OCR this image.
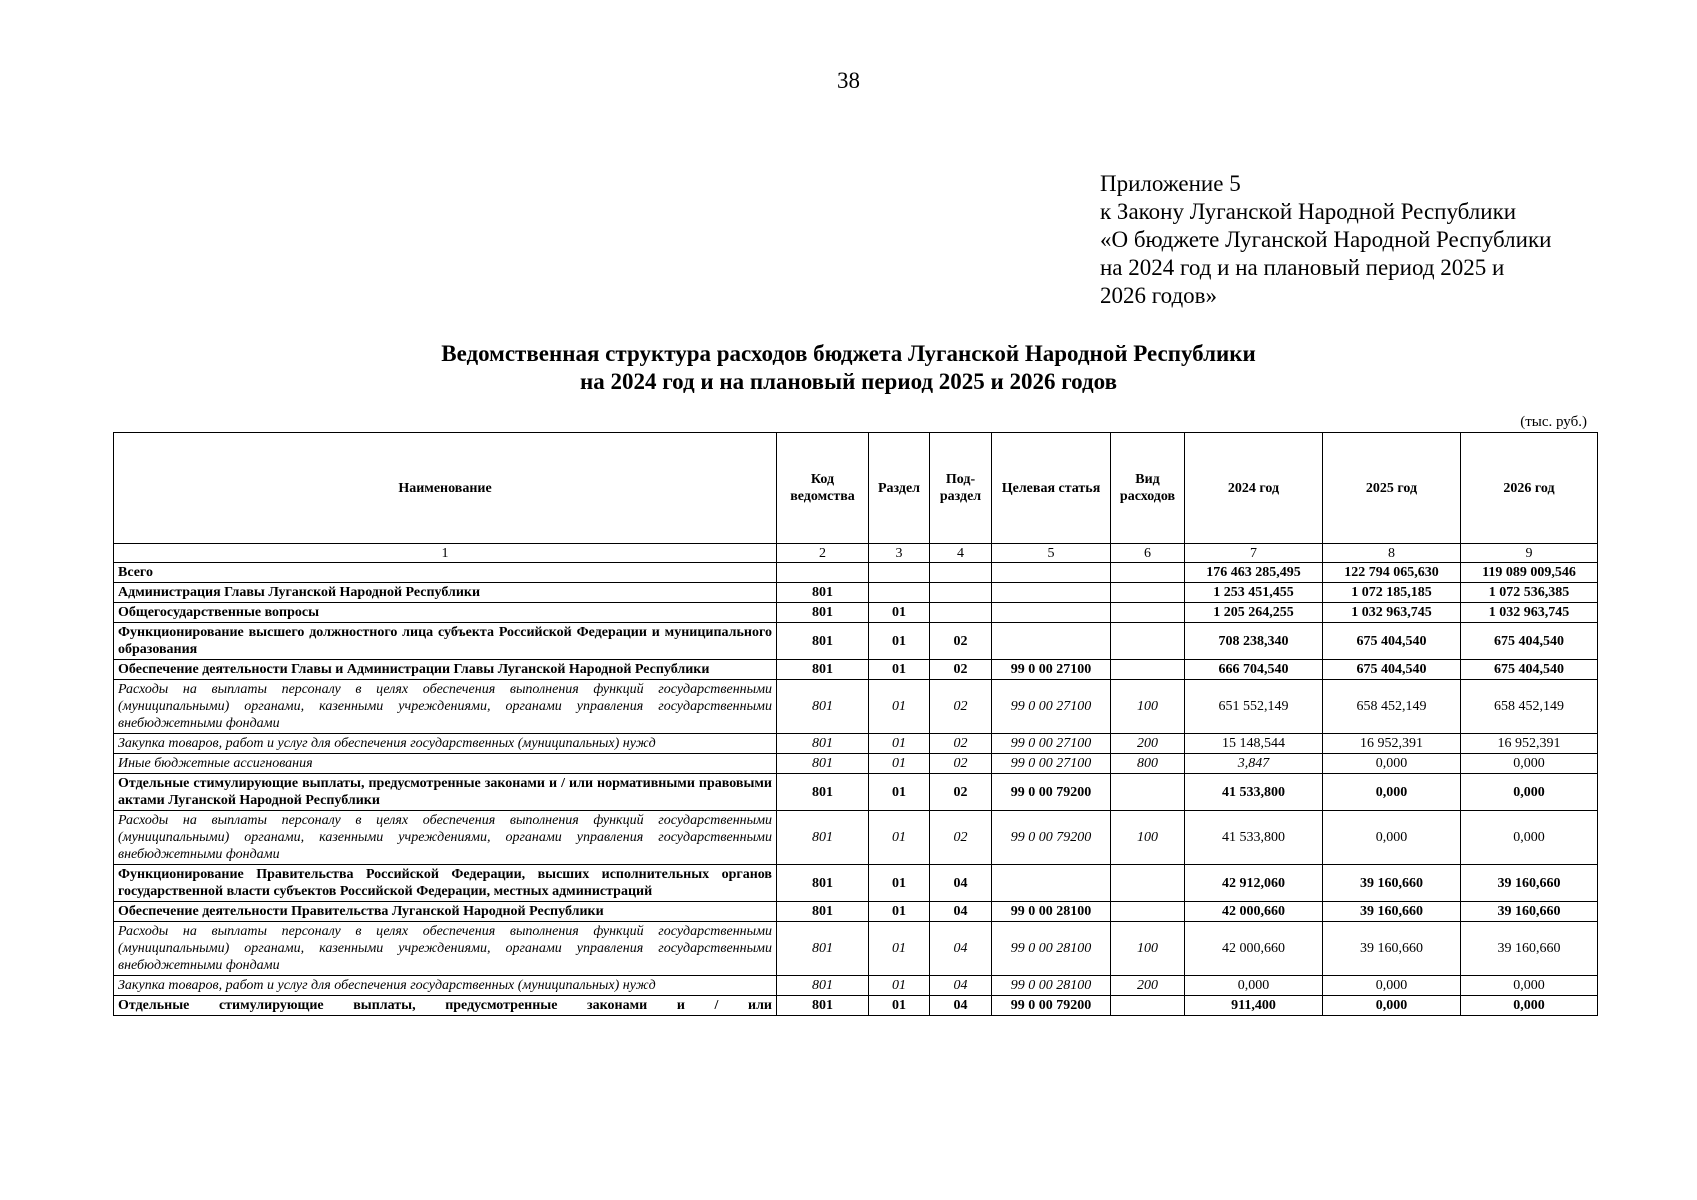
38
Приложение 5
к Закону Луганской Народной Республики
«О бюджете Луганской Народной Республики
на 2024 год и на плановый период 2025 и
2026 годов»
Ведомственная структура расходов бюджета Луганской Народной Республики
на 2024 год и на плановый период 2025 и 2026 годов
(тыс. руб.)
Наименование	Код ведомства	Раздел	Под-раздел	Целевая статья	Вид расходов	2024 год	2025 год	2026 год
1	2	3	4	5	6	7	8	9
Всего						176 463 285,495	122 794 065,630	119 089 009,546
Администрация Главы Луганской Народной Республики	801					1 253 451,455	1 072 185,185	1 072 536,385
Общегосударственные вопросы	801	01				1 205 264,255	1 032 963,745	1 032 963,745
Функционирование высшего должностного лица субъекта Российской Федерации и муниципального образования	801	01	02			708 238,340	675 404,540	675 404,540
Обеспечение деятельности Главы и Администрации Главы Луганской Народной Республики	801	01	02	99 0 00 27100		666 704,540	675 404,540	675 404,540
Расходы на выплаты персоналу в целях обеспечения выполнения функций государственными (муниципальными) органами, казенными учреждениями, органами управления государственными внебюджетными фондами	801	01	02	99 0 00 27100	100	651 552,149	658 452,149	658 452,149
Закупка товаров, работ и услуг для обеспечения государственных (муниципальных) нужд	801	01	02	99 0 00 27100	200	15 148,544	16 952,391	16 952,391
Иные бюджетные ассигнования	801	01	02	99 0 00 27100	800	3,847	0,000	0,000
Отдельные стимулирующие выплаты, предусмотренные законами и / или нормативными правовыми актами Луганской Народной Республики	801	01	02	99 0 00 79200		41 533,800	0,000	0,000
Расходы на выплаты персоналу в целях обеспечения выполнения функций государственными (муниципальными) органами, казенными учреждениями, органами управления государственными внебюджетными фондами	801	01	02	99 0 00 79200	100	41 533,800	0,000	0,000
Функционирование Правительства Российской Федерации, высших исполнительных органов государственной власти субъектов Российской Федерации, местных администраций	801	01	04			42 912,060	39 160,660	39 160,660
Обеспечение деятельности Правительства Луганской Народной Республики	801	01	04	99 0 00 28100		42 000,660	39 160,660	39 160,660
Расходы на выплаты персоналу в целях обеспечения выполнения функций государственными (муниципальными) органами, казенными учреждениями, органами управления государственными внебюджетными фондами	801	01	04	99 0 00 28100	100	42 000,660	39 160,660	39 160,660
Закупка товаров, работ и услуг для обеспечения государственных (муниципальных) нужд	801	01	04	99 0 00 28100	200	0,000	0,000	0,000
Отдельные стимулирующие выплаты, предусмотренные законами и / или	801	01	04	99 0 00 79200		911,400	0,000	0,000
